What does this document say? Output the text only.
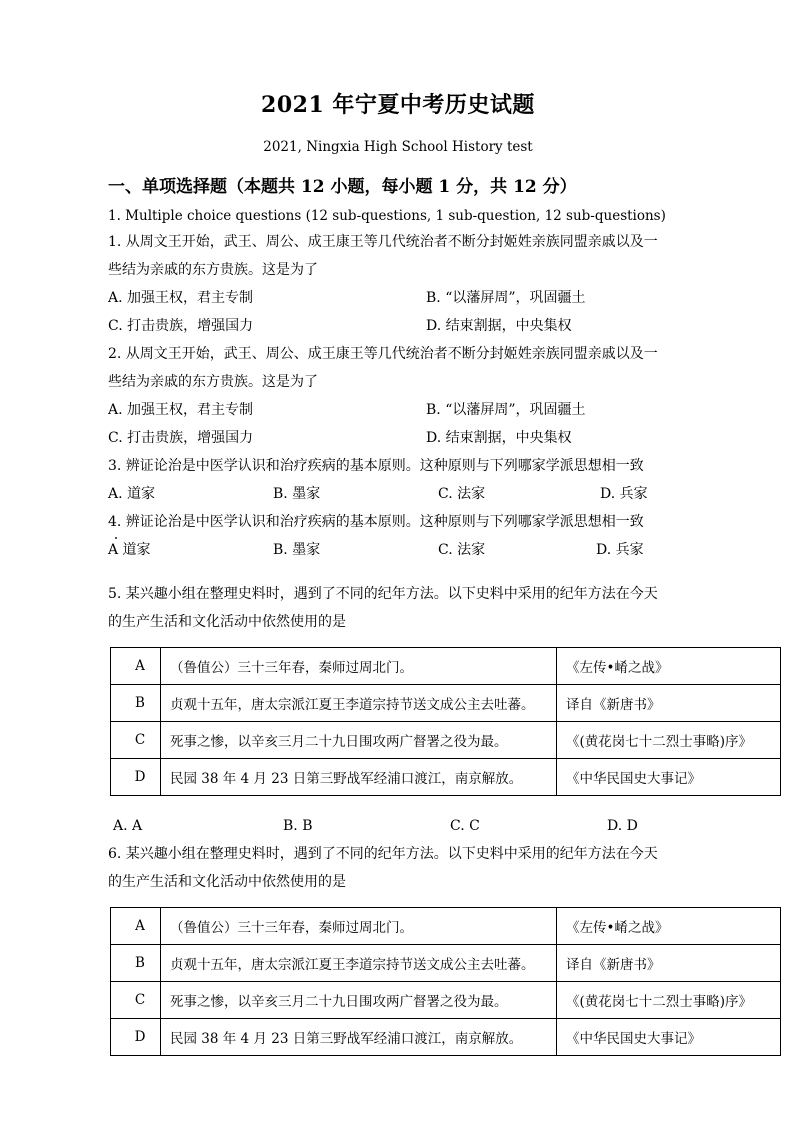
2021 年宁夏中考历史试题

2021, Ningxia High School History test

一、单项选择题（本题共 12 小题，每小题 1 分，共 12 分）

1. Multiple choice questions (12 sub-questions, 1 sub-question, 12 sub-questions)

1. 从周文王开始，武王、周公、成王康王等几代统治者不断分封姬姓亲族同盟亲戚以及一

些结为亲戚的东方贵族。这是为了

A. 加强王权，君主专制	B. “以藩屏周”，巩固疆土
C. 打击贵族，增强国力	D. 结束割据，中央集权

2. 从周文王开始，武王、周公、成王康王等几代统治者不断分封姬姓亲族同盟亲戚以及一

些结为亲戚的东方贵族。这是为了

A. 加强王权，君主专制	B. “以藩屏周”，巩固疆土
C. 打击贵族，增强国力	D. 结束割据，中央集权

3. 辨证论治是中医学认识和治疗疾病的基本原则。这种原则与下列哪家学派思想相一致

A. 道家	B. 墨家	C. 法家	D. 兵家

4. 辨证论治是中医学认识和治疗疾病的基本原则。这种原则与下列哪家学派思想相一致

A 道家	B. 墨家	C. 法家	D. 兵家

5. 某兴趣小组在整理史料时，遇到了不同的纪年方法。以下史料中采用的纪年方法在今天

的生产生活和文化活动中依然使用的是

A	（鲁值公）三十三年春，秦师过周北门。	《左传•崤之战》
B	贞观十五年，唐太宗派江夏王李道宗持节送文成公主去吐蕃。	译自《新唐书》
C	死事之惨，以辛亥三月二十九日围攻两广督署之役为最。	《(黄花岗七十二烈士事略)序》
D	民园 38 年 4 月 23 日第三野战军经浦口渡江，南京解放。	《中华民国史大事记》
A. A	B. B	C. C	D. D

6. 某兴趣小组在整理史料时，遇到了不同的纪年方法。以下史料中采用的纪年方法在今天

的生产生活和文化活动中依然使用的是

A	（鲁值公）三十三年春，秦师过周北门。	《左传•崤之战》
B	贞观十五年，唐太宗派江夏王李道宗持节送文成公主去吐蕃。	译自《新唐书》
C	死事之惨，以辛亥三月二十九日围攻两广督署之役为最。	《(黄花岗七十二烈士事略)序》
D	民园 38 年 4 月 23 日第三野战军经浦口渡江，南京解放。	《中华民国史大事记》
